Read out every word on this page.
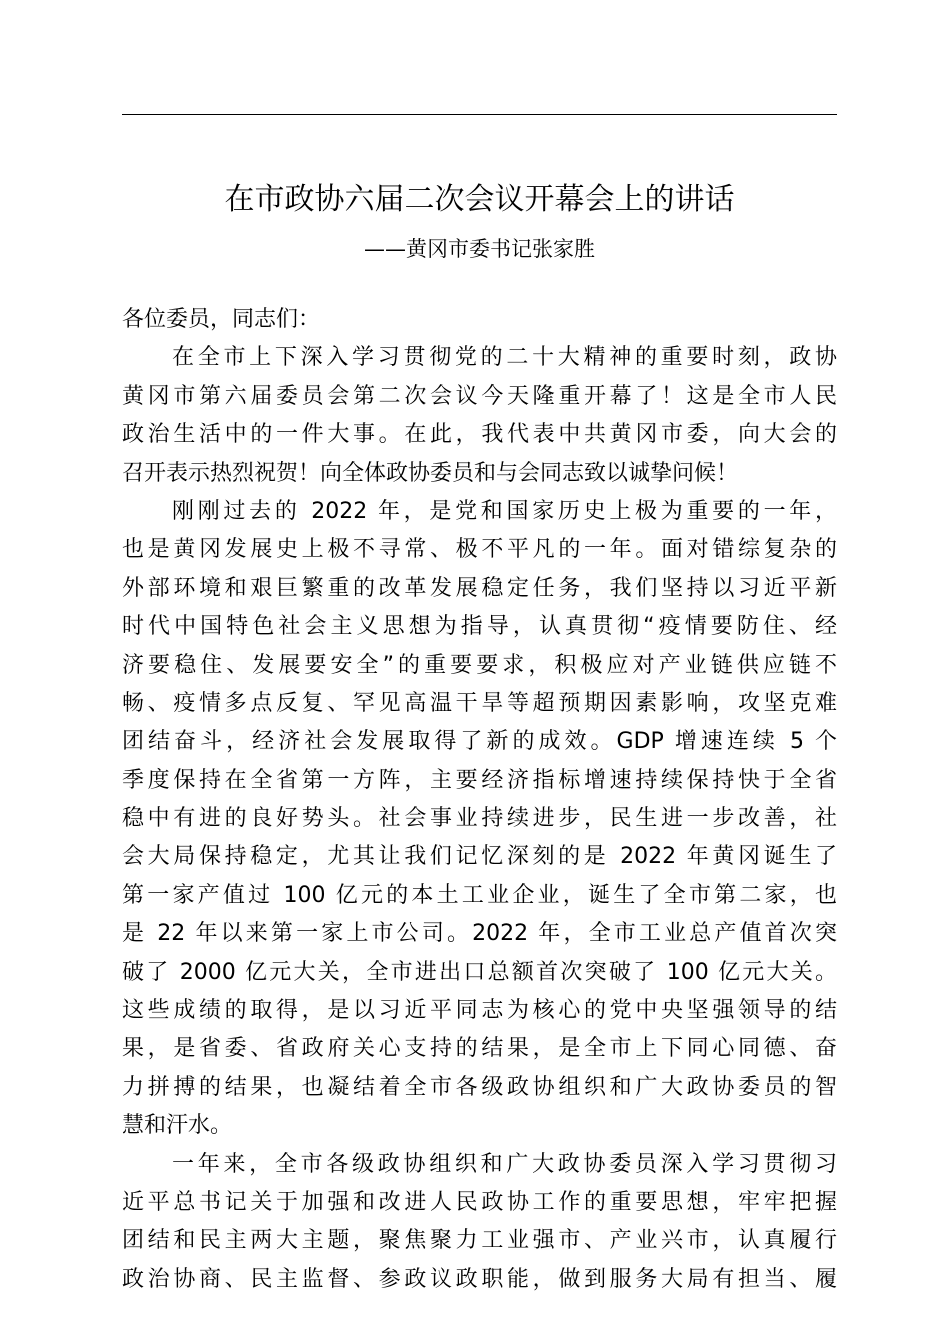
在市政协六届二次会议开幕会上的讲话
——黄冈市委书记张家胜
各位委员，同志们：
在全市上下深入学习贯彻党的二十大精神的重要时刻，政协
黄冈市第六届委员会第二次会议今天隆重开幕了！这是全市人民
政治生活中的一件大事。在此，我代表中共黄冈市委，向大会的
召开表示热烈祝贺！向全体政协委员和与会同志致以诚挚问候！
刚刚过去的 2022 年，是党和国家历史上极为重要的一年，
也是黄冈发展史上极不寻常、极不平凡的一年。面对错综复杂的
外部环境和艰巨繁重的改革发展稳定任务，我们坚持以习近平新
时代中国特色社会主义思想为指导，认真贯彻“疫情要防住、经
济要稳住、发展要安全”的重要要求，积极应对产业链供应链不
畅、疫情多点反复、罕见高温干旱等超预期因素影响，攻坚克难
团结奋斗，经济社会发展取得了新的成效。GDP 增速连续 5 个
季度保持在全省第一方阵，主要经济指标增速持续保持快于全省
稳中有进的良好势头。社会事业持续进步，民生进一步改善，社
会大局保持稳定，尤其让我们记忆深刻的是 2022 年黄冈诞生了
第一家产值过 100 亿元的本土工业企业，诞生了全市第二家，也
是 22 年以来第一家上市公司。2022 年，全市工业总产值首次突
破了 2000 亿元大关，全市进出口总额首次突破了 100 亿元大关。
这些成绩的取得，是以习近平同志为核心的党中央坚强领导的结
果，是省委、省政府关心支持的结果，是全市上下同心同德、奋
力拼搏的结果，也凝结着全市各级政协组织和广大政协委员的智
慧和汗水。
一年来，全市各级政协组织和广大政协委员深入学习贯彻习
近平总书记关于加强和改进人民政协工作的重要思想，牢牢把握
团结和民主两大主题，聚焦聚力工业强市、产业兴市，认真履行
政治协商、民主监督、参政议政职能，做到服务大局有担当、履
